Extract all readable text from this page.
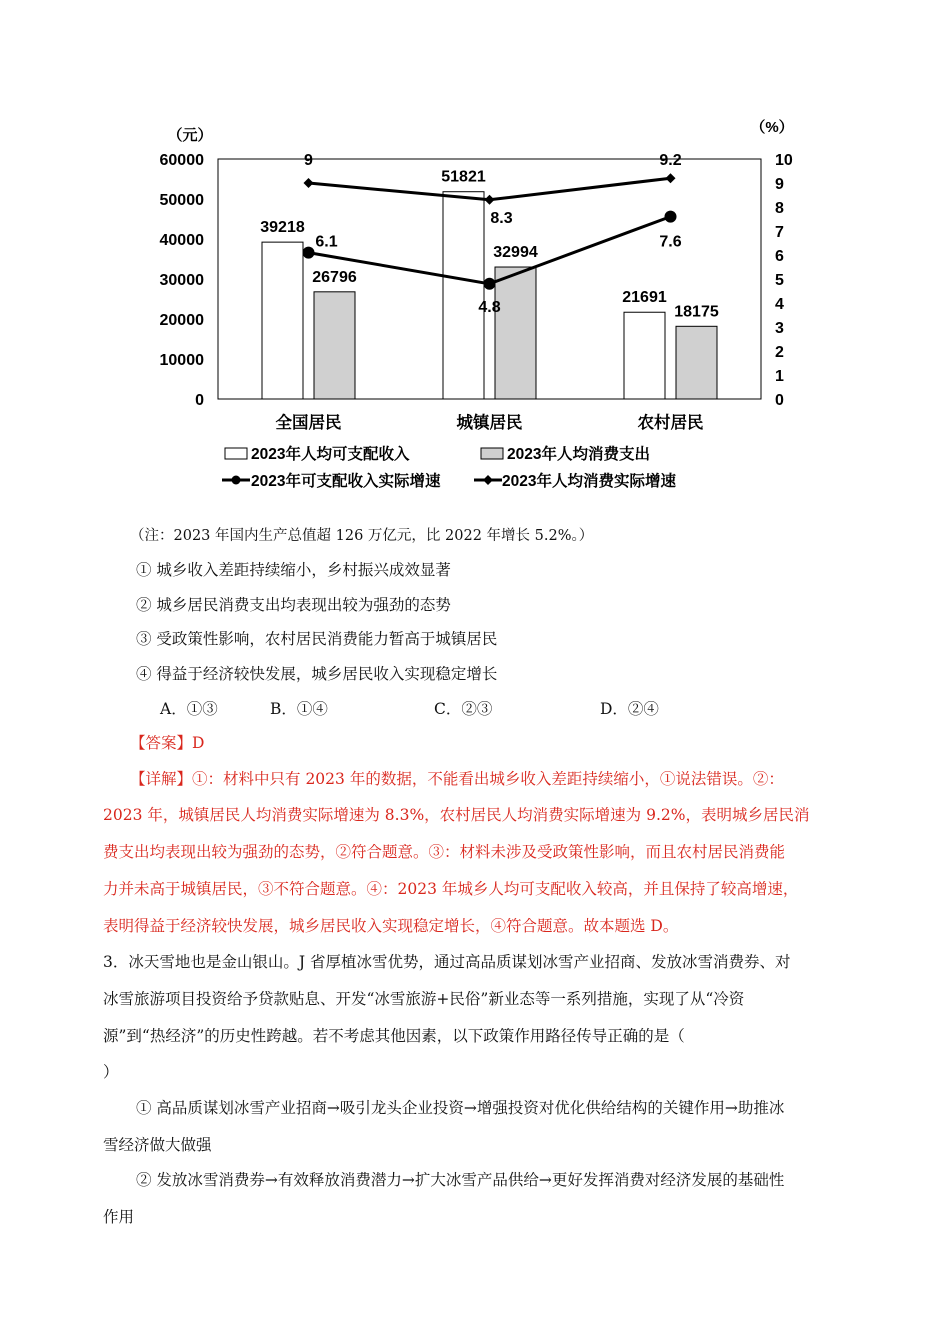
（元）	（%）
0
10000
20000
30000
40000
50000
60000
0
1
2
3
4
5
6
7
8
9
10
39218
51821
21691
26796
32994
18175
6.1
4.8
7.6
9
8.3
9.2
全国居民	城镇居民	农村居民
2023年人均可支配收入	2023年人均消费支出
2023年可支配收入实际增速	2023年人均消费实际增速
（注：2023 年国内生产总值超 126 万亿元，比 2022 年增长 5.2%。）
① 城乡收入差距持续缩小，乡村振兴成效显著
② 城乡居民消费支出均表现出较为强劲的态势
③ 受政策性影响，农村居民消费能力暂高于城镇居民
④ 得益于经济较快发展，城乡居民收入实现稳定增长
A．①③	B．①④	C．②③	D．②④
【答案】D
【详解】①：材料中只有 2023 年的数据，不能看出城乡收入差距持续缩小，①说法错误。②：
2023 年，城镇居民人均消费实际增速为 8.3%，农村居民人均消费实际增速为 9.2%，表明城乡居民消
费支出均表现出较为强劲的态势，②符合题意。③：材料未涉及受政策性影响，而且农村居民消费能
力并未高于城镇居民，③不符合题意。④：2023 年城乡人均可支配收入较高，并且保持了较高增速，
表明得益于经济较快发展，城乡居民收入实现稳定增长，④符合题意。故本题选 D。
3．冰天雪地也是金山银山。J 省厚植冰雪优势，通过高品质谋划冰雪产业招商、发放冰雪消费券、对
冰雪旅游项目投资给予贷款贴息、开发“冰雪旅游+民俗”新业态等一系列措施，实现了从“冷资
源”到“热经济”的历史性跨越。若不考虑其他因素，以下政策作用路径传导正确的是（
）
① 高品质谋划冰雪产业招商→吸引龙头企业投资→增强投资对优化供给结构的关键作用→助推冰
雪经济做大做强
② 发放冰雪消费券→有效释放消费潜力→扩大冰雪产品供给→更好发挥消费对经济发展的基础性
作用
